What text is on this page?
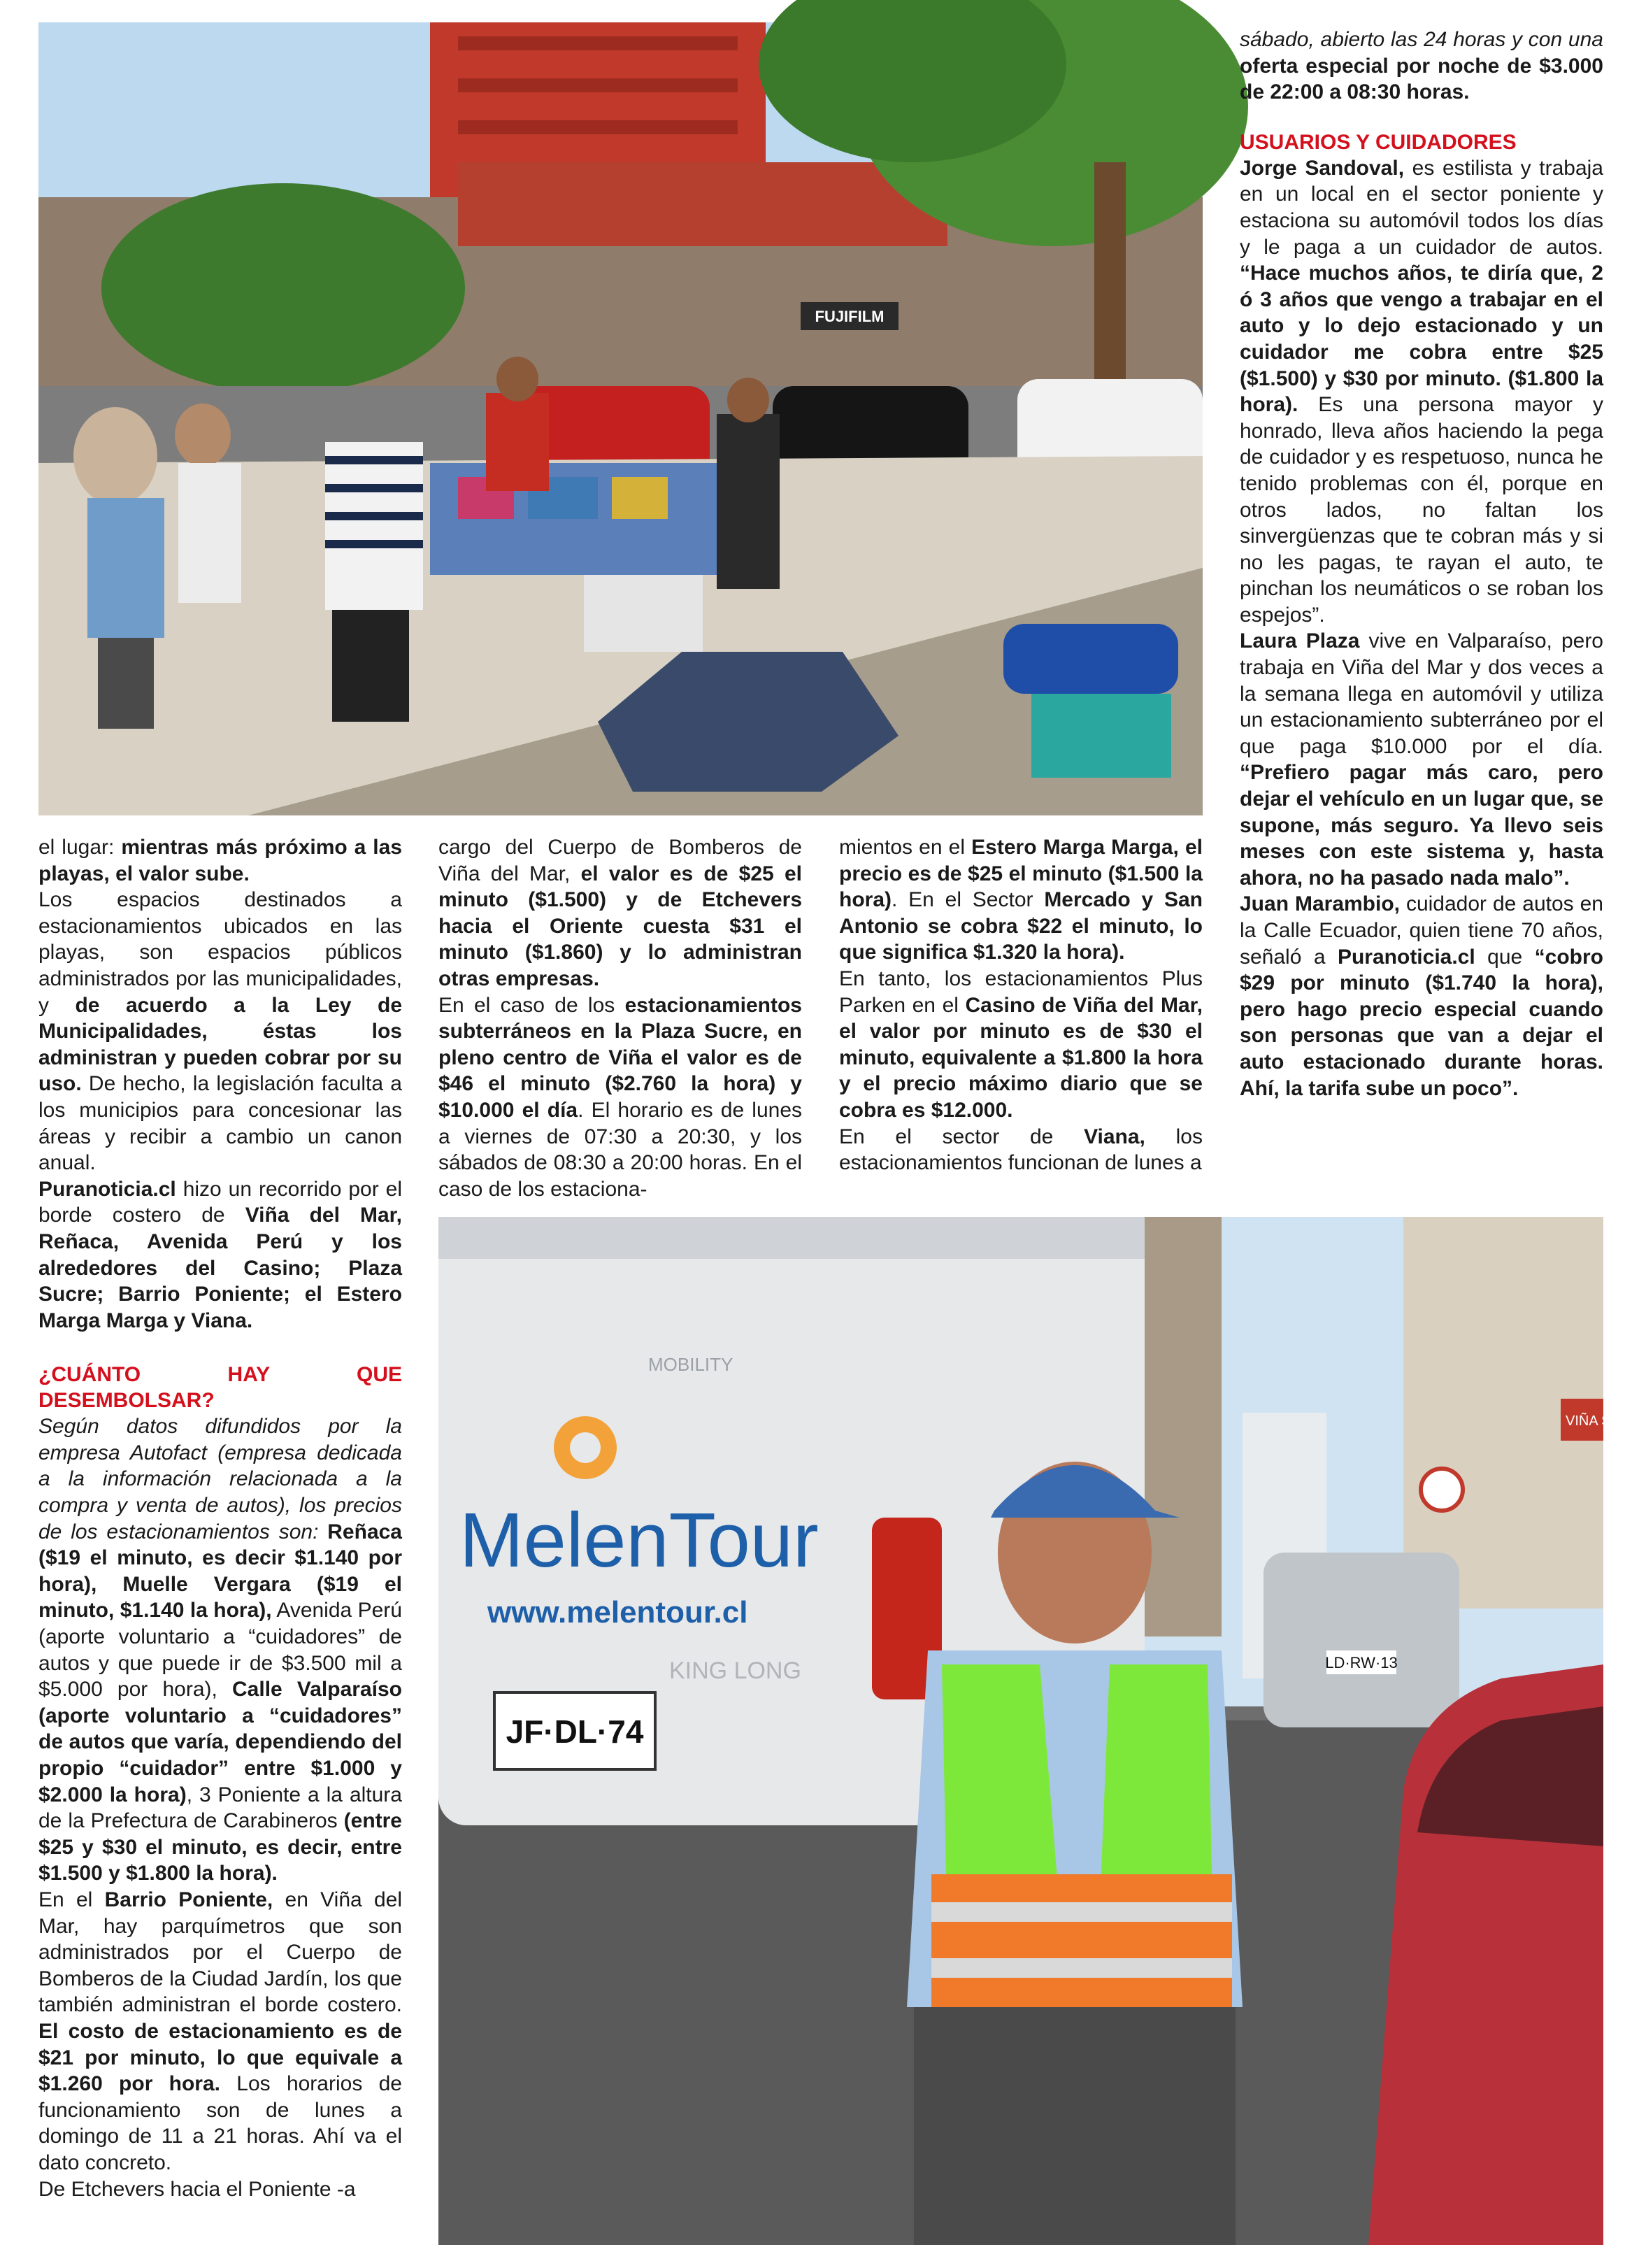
FUJIFILM

el lugar: mientras más próximo a las playas, el valor sube.

Los espacios destinados a estacionamientos ubicados en las playas, son espacios públicos administrados por las municipalidades, y de acuerdo a la Ley de Municipalidades, éstas los administran y pueden cobrar por su uso. De hecho, la legislación faculta a los municipios para concesionar las áreas y recibir a cambio un canon anual.

Puranoticia.cl hizo un recorrido por el borde costero de Viña del Mar, Reñaca, Avenida Perú y los alrededores del Casino; Plaza Sucre; Barrio Poniente; el Estero Marga Marga y Viana.

¿CUÁNTO HAY QUE DESEMBOLSAR?

Según datos difundidos por la empresa Autofact (empresa dedicada a la información relacionada a la compra y venta de autos), los precios de los estacionamientos son: Reñaca ($19 el minuto, es decir $1.140 por hora), Muelle Vergara ($19 el minuto, $1.140 la hora), Avenida Perú (aporte voluntario a “cuidadores” de autos y que puede ir de $3.500 mil a $5.000 por hora), Calle Valparaíso (aporte voluntario a “cuidadores” de autos que varía, dependiendo del propio “cuidador” entre $1.000 y $2.000 la hora), 3 Poniente a la altura de la Prefectura de Carabineros (entre $25 y $30 el minuto, es decir, entre $1.500 y $1.800 la hora).

En el Barrio Poniente, en Viña del Mar, hay parquímetros que son administrados por el Cuerpo de Bomberos de la Ciudad Jardín, los que también administran el borde costero. El costo de estacionamiento es de $21 por minuto, lo que equivale a $1.260 por hora. Los horarios de funcionamiento son de lunes a domingo de 11 a 21 horas. Ahí va el dato concreto.

De Etchevers hacia el Poniente -a

cargo del Cuerpo de Bomberos de Viña del Mar, el valor es de $25 el minuto ($1.500) y de Etchevers hacia el Oriente cuesta $31 el minuto ($1.860) y lo administran otras empresas.

En el caso de los estacionamientos subterráneos en la Plaza Sucre, en pleno centro de Viña el valor es de $46 el minuto ($2.760 la hora) y $10.000 el día. El horario es de lunes a viernes de 07:30 a 20:30, y los sábados de 08:30 a 20:00 horas. En el caso de los estaciona-

mientos en el Estero Marga Marga, el precio es de $25 el minuto ($1.500 la hora). En el Sector Mercado y San Antonio se cobra $22 el minuto, lo que significa $1.320 la hora).

En tanto, los estacionamientos Plus Parken en el Casino de Viña del Mar, el valor por minuto es de $30 el minuto, equivalente a $1.800 la hora y el precio máximo diario que se cobra es $12.000.

En el sector de Viana, los estacionamientos funcionan de lunes a

sábado, abierto las 24 horas y con una oferta especial por noche de $3.000 de 22:00 a 08:30 horas.

USUARIOS Y CUIDADORES

Jorge Sandoval, es estilista y trabaja en un local en el sector poniente y estaciona su automóvil todos los días y le paga a un cuidador de autos. “Hace muchos años, te diría que, 2 ó 3 años que vengo a trabajar en el auto y lo dejo estacionado y un cuidador me cobra entre $25 ($1.500) y $30 por minuto. ($1.800 la hora). Es una persona mayor y honrado, lleva años haciendo la pega de cuidador y es respetuoso, nunca he tenido problemas con él, porque en otros lados, no faltan los sinvergüenzas que te cobran más y si no les pagas, te rayan el auto, te pinchan los neumáticos o se roban los espejos”.

Laura Plaza vive en Valparaíso, pero trabaja en Viña del Mar y dos veces a la semana llega en automóvil y utiliza un estacionamiento subterráneo por el que paga $10.000 por el día. “Prefiero pagar más caro, pero dejar el vehículo en un lugar que, se supone, más seguro. Ya llevo seis meses con este sistema y, hasta ahora, no ha pasado nada malo”.

Juan Marambio, cuidador de autos en la Calle Ecuador, quien tiene 70 años, señaló a Puranoticia.cl que “cobro $29 por minuto ($1.740 la hora), pero hago precio especial cuando son personas que van a dejar el auto estacionado durante horas. Ahí, la tarifa sube un poco”.

MOBILITY
MelenTour
www.melentour.cl
KING LONG
JF·DL·74
LD·RW·13
VIÑA SA
